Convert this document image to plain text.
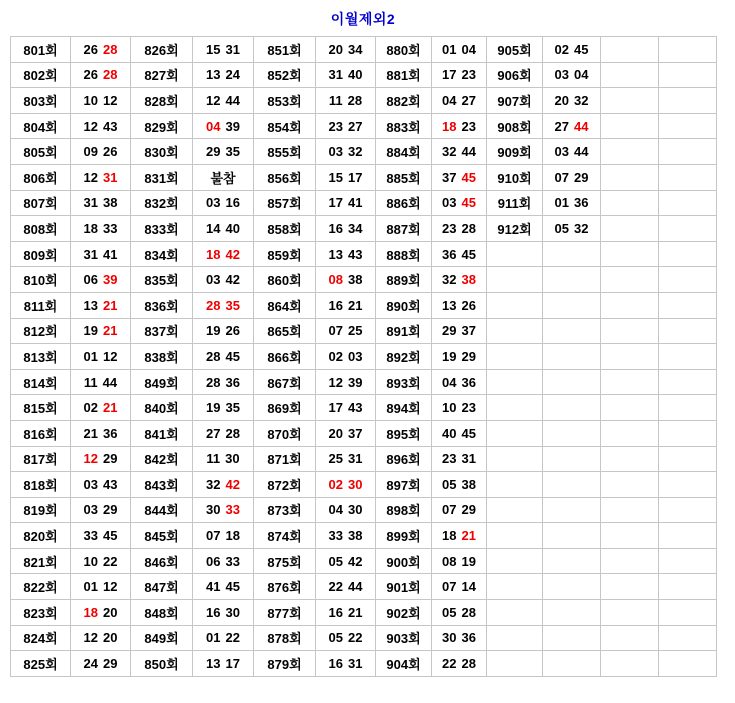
이월제외2
801회	26 28	826회	15 31	851회	20 34	880회	01 04	905회	02 45		
802회	26 28	827회	13 24	852회	31 40	881회	17 23	906회	03 04		
803회	10 12	828회	12 44	853회	11 28	882회	04 27	907회	20 32		
804회	12 43	829회	04 39	854회	23 27	883회	18 23	908회	27 44		
805회	09 26	830회	29 35	855회	03 32	884회	32 44	909회	03 44		
806회	12 31	831회	불참	856회	15 17	885회	37 45	910회	07 29		
807회	31 38	832회	03 16	857회	17 41	886회	03 45	911회	01 36		
808회	18 33	833회	14 40	858회	16 34	887회	23 28	912회	05 32		
809회	31 41	834회	18 42	859회	13 43	888회	36 45				
810회	06 39	835회	03 42	860회	08 38	889회	32 38				
811회	13 21	836회	28 35	864회	16 21	890회	13 26				
812회	19 21	837회	19 26	865회	07 25	891회	29 37				
813회	01 12	838회	28 45	866회	02 03	892회	19 29				
814회	11 44	849회	28 36	867회	12 39	893회	04 36				
815회	02 21	840회	19 35	869회	17 43	894회	10 23				
816회	21 36	841회	27 28	870회	20 37	895회	40 45				
817회	12 29	842회	11 30	871회	25 31	896회	23 31				
818회	03 43	843회	32 42	872회	02 30	897회	05 38				
819회	03 29	844회	30 33	873회	04 30	898회	07 29				
820회	33 45	845회	07 18	874회	33 38	899회	18 21				
821회	10 22	846회	06 33	875회	05 42	900회	08 19				
822회	01 12	847회	41 45	876회	22 44	901회	07 14				
823회	18 20	848회	16 30	877회	16 21	902회	05 28				
824회	12 20	849회	01 22	878회	05 22	903회	30 36				
825회	24 29	850회	13 17	879회	16 31	904회	22 28				
